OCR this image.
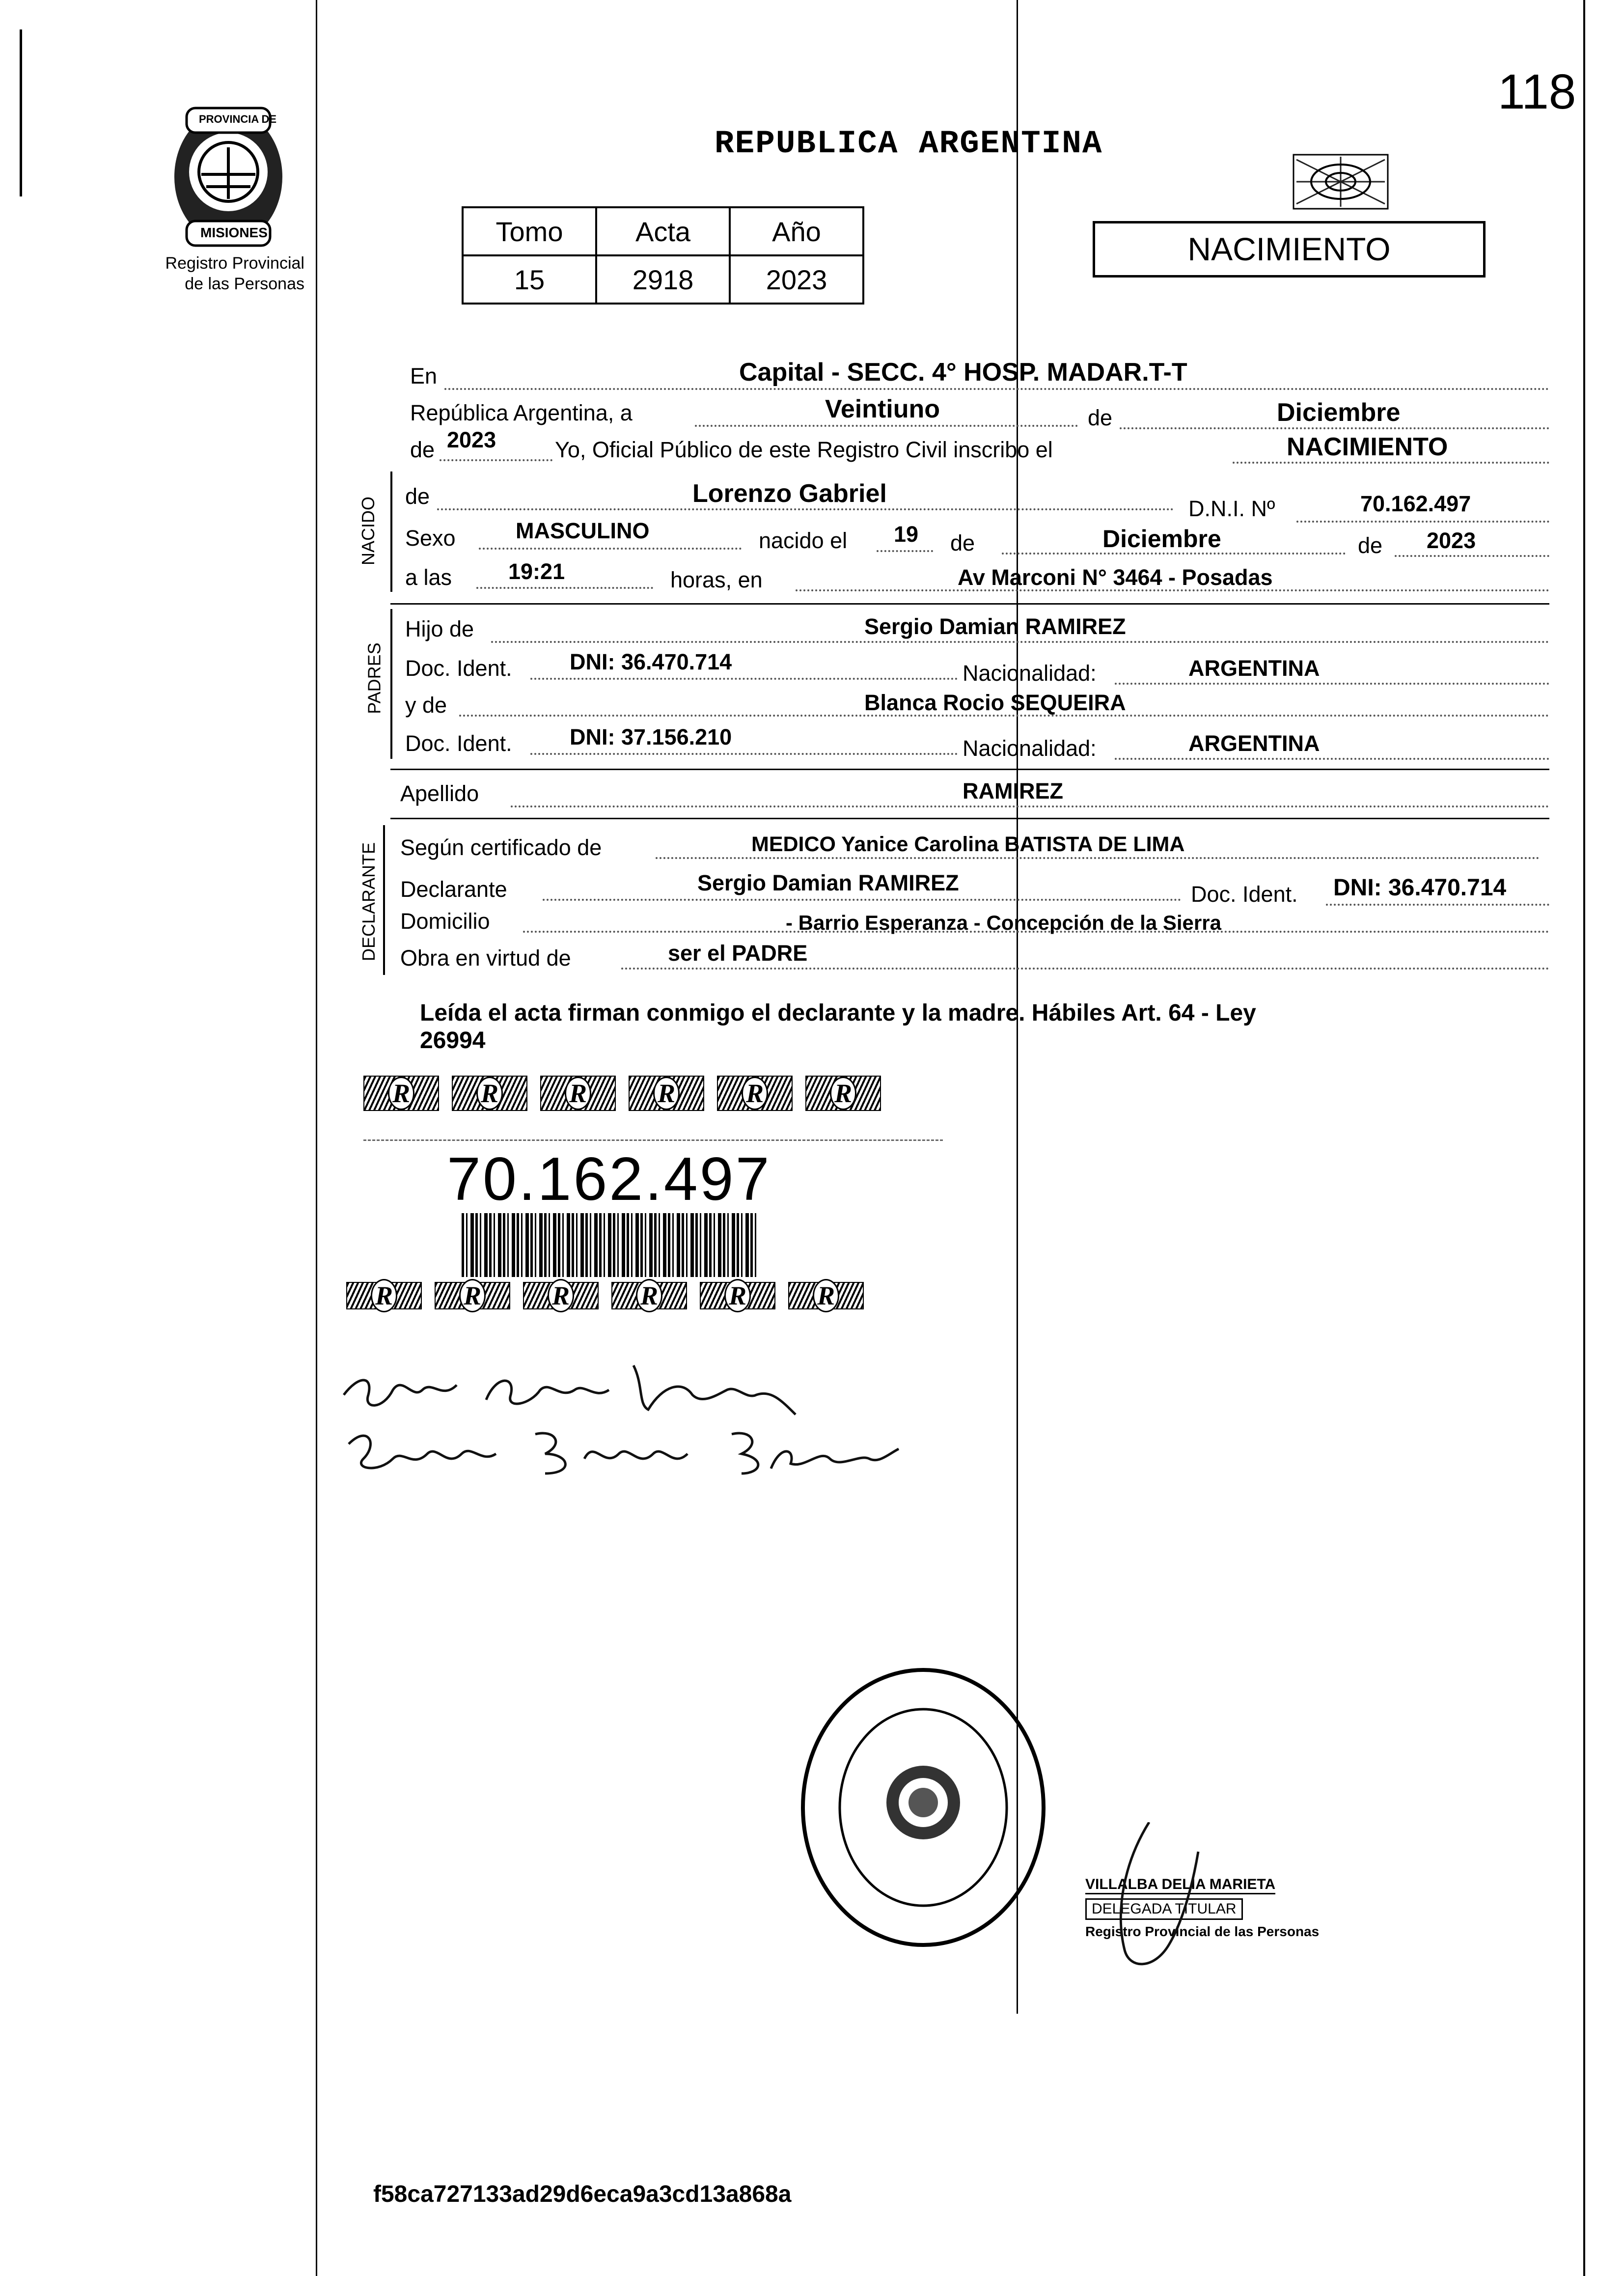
118
PROVINCIA DE
MISIONES
Registro Provincial
de las Personas
REPUBLICA ARGENTINA
Tomo	Acta	Año
15	2918	2023
NACIMIENTO
En	Capital - SECC. 4° HOSP. MADAR.T-T
República Argentina, a	Veintiuno	de	Diciembre
de 2023	Yo, Oficial Público de este Registro Civil inscribo el	NACIMIENTO
NACIDO
de	Lorenzo Gabriel
D.N.I. Nº	70.162.497
Sexo	MASCULINO	nacido el 19 de	Diciembre	de 2023
a las	19:21	horas, en	Av Marconi N° 3464 - Posadas
PADRES
Hijo de	Sergio Damian RAMIREZ
Doc. Ident.	DNI: 36.470.714	Nacionalidad:	ARGENTINA
y de	Blanca Rocio SEQUEIRA
Doc. Ident.	DNI: 37.156.210	Nacionalidad:	ARGENTINA
Apellido	RAMIREZ
DECLARANTE Según certificado de	MEDICO Yanice Carolina BATISTA DE LIMA
Declarante	Sergio Damian RAMIREZ	Doc. Ident. DNI: 36.470.714
Domicilio	- Barrio Esperanza - Concepción de la Sierra
Obra en virtud de	ser el PADRE
Leída el acta firman conmigo el declarante y la madre. Hábiles Art. 64 - Ley
26994
R	R	R	R	R	R
70.162.497
R	R	R	R	R	R
VILLALBA DELIA MARIETA
DELEGADA TITULAR

Registro Provincial de las Personas
f58ca727133ad29d6eca9a3cd13a868a
